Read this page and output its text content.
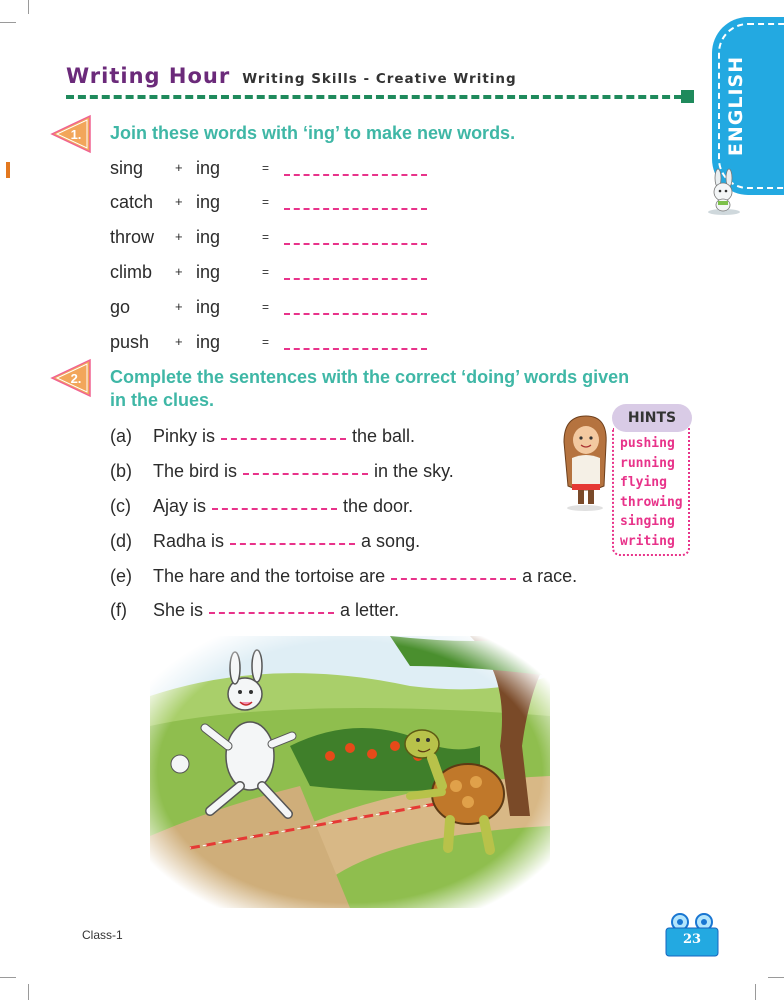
Writing Hour Writing Skills - Creative Writing	ENGLISH
1. Join these words with ‘ing’ to make new words.
sing + ing	=
catch + ing	=
throw + ing	=
climb + ing	=
go	+ ing	=
push + ing	=
2. Complete the sentences with the correct ‘doing’ words given
in the clues.
(a) Pinky is	the ball.
(b) The bird is	in the sky.
(c) Ajay is	the door.
(d) Radha is	a song.
(e) The hare and the tortoise are	a race.
(f) She is	a letter.
HINTS
pushing
running
flying
throwing
singing
writing
Class-1	23
